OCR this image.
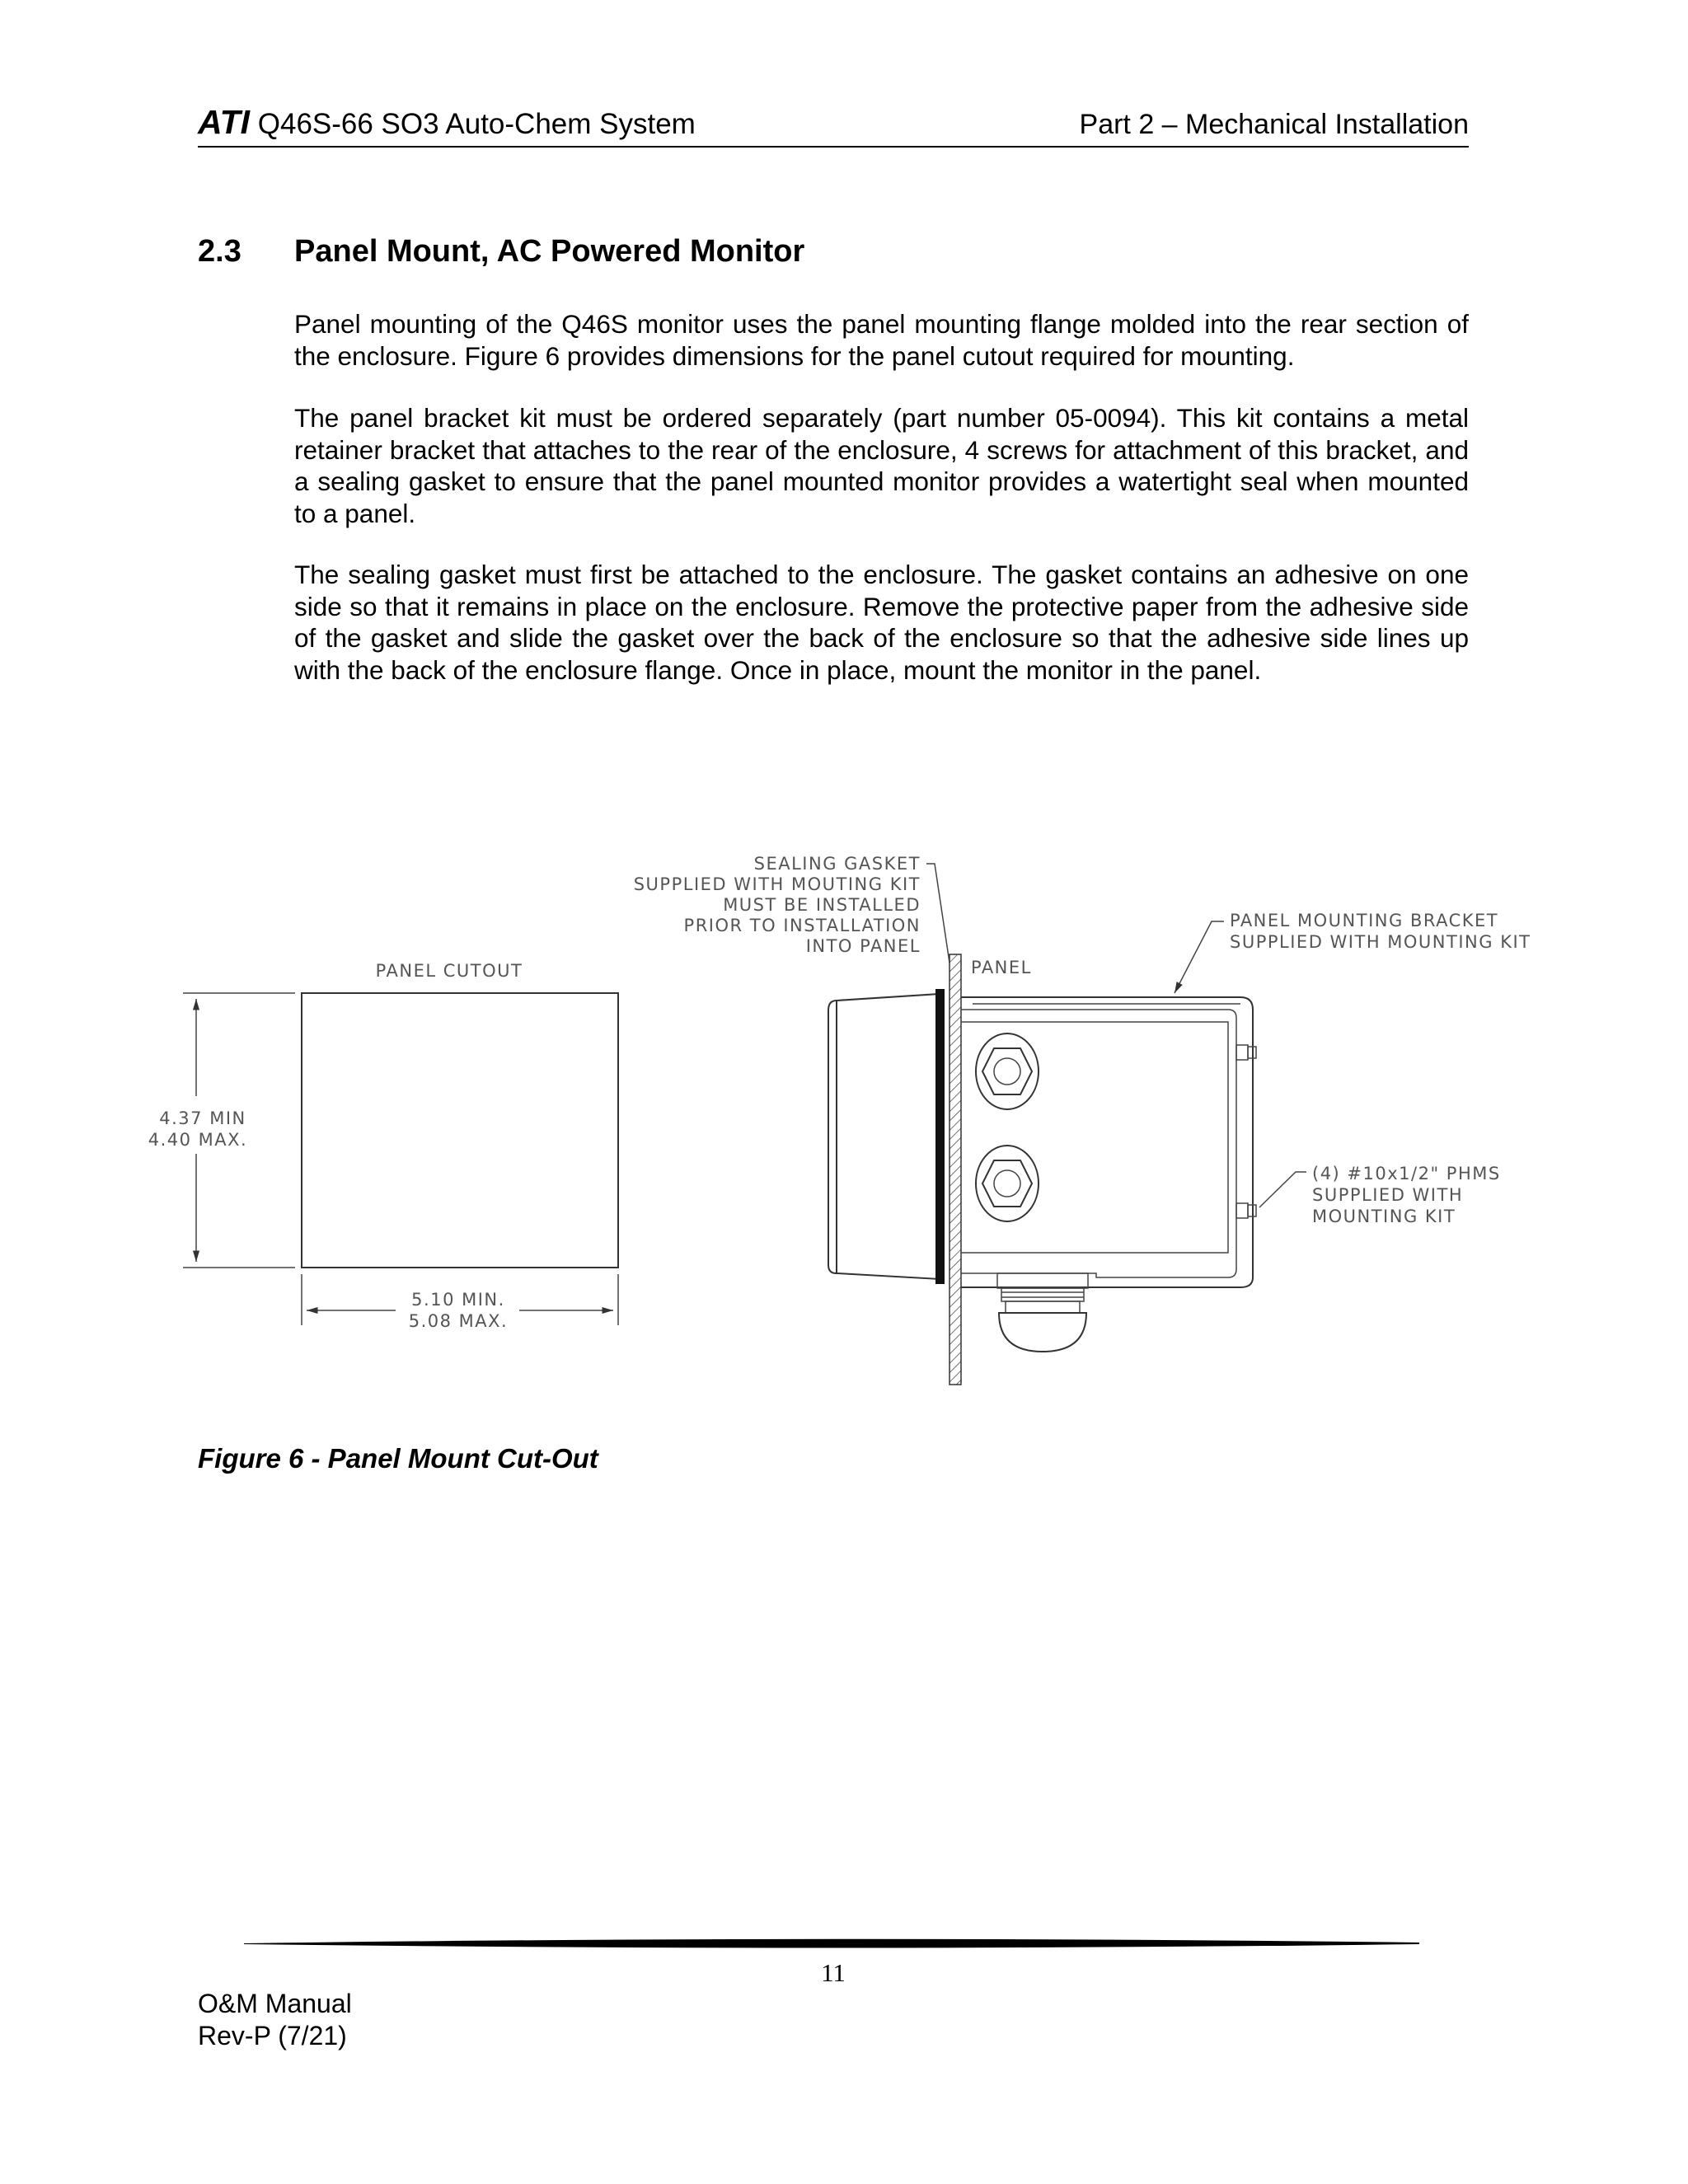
ATI Q46S-66 SO3 Auto-Chem System	Part 2 – Mechanical Installation
2.3 Panel Mount, AC Powered Monitor

Panel mounting of the Q46S monitor uses the panel mounting flange molded into the rear section of the enclosure. Figure 6 provides dimensions for the panel cutout required for mounting.

The panel bracket kit must be ordered separately (part number 05-0094). This kit contains a metal retainer bracket that attaches to the rear of the enclosure, 4 screws for attachment of this bracket, and a sealing gasket to ensure that the panel mounted monitor provides a watertight seal when mounted to a panel.

The sealing gasket must first be attached to the enclosure. The gasket contains an adhesive on one side so that it remains in place on the enclosure. Remove the protective paper from the adhesive side of the gasket and slide the gasket over the back of the enclosure so that the adhesive side lines up with the back of the enclosure flange. Once in place, mount the monitor in the panel.

PANEL CUTOUT
4.37 MIN
4.40 MAX.
5.10 MIN.
5.08 MAX.
SEALING GASKET
SUPPLIED WITH MOUTING KIT
MUST BE INSTALLED
PRIOR TO INSTALLATION
INTO PANEL
PANEL
PANEL MOUNTING BRACKET
SUPPLIED WITH MOUNTING KIT
(4) #10x1/2" PHMS
SUPPLIED WITH
MOUNTING KIT
Figure 6 - Panel Mount Cut-Out
11
O&M Manual
Rev-P (7/21)
